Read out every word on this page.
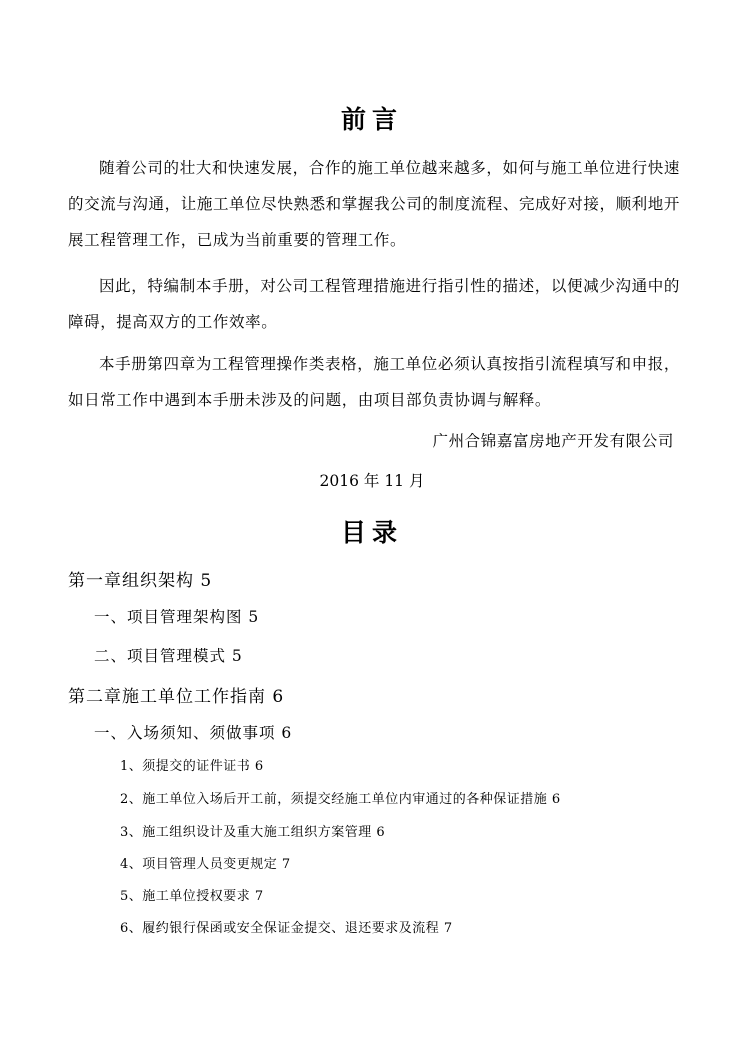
前言

随着公司的壮大和快速发展，合作的施工单位越来越多，如何与施工单位进行快速的交流与沟通，让施工单位尽快熟悉和掌握我公司的制度流程、完成好对接，顺利地开展工程管理工作，已成为当前重要的管理工作。

因此，特编制本手册，对公司工程管理措施进行指引性的描述，以便减少沟通中的障碍，提高双方的工作效率。

本手册第四章为工程管理操作类表格，施工单位必须认真按指引流程填写和申报，如日常工作中遇到本手册未涉及的问题，由项目部负责协调与解释。

广州合锦嘉富房地产开发有限公司
2016 年 11 月
目录
第一章组织架构 5
一、项目管理架构图 5
二、项目管理模式 5
第二章施工单位工作指南 6
一、入场须知、须做事项 6
1、须提交的证件证书 6
2、施工单位入场后开工前，须提交经施工单位内审通过的各种保证措施 6
3、施工组织设计及重大施工组织方案管理 6
4、项目管理人员变更规定 7
5、施工单位授权要求 7
6、履约银行保函或安全保证金提交、退还要求及流程 7
